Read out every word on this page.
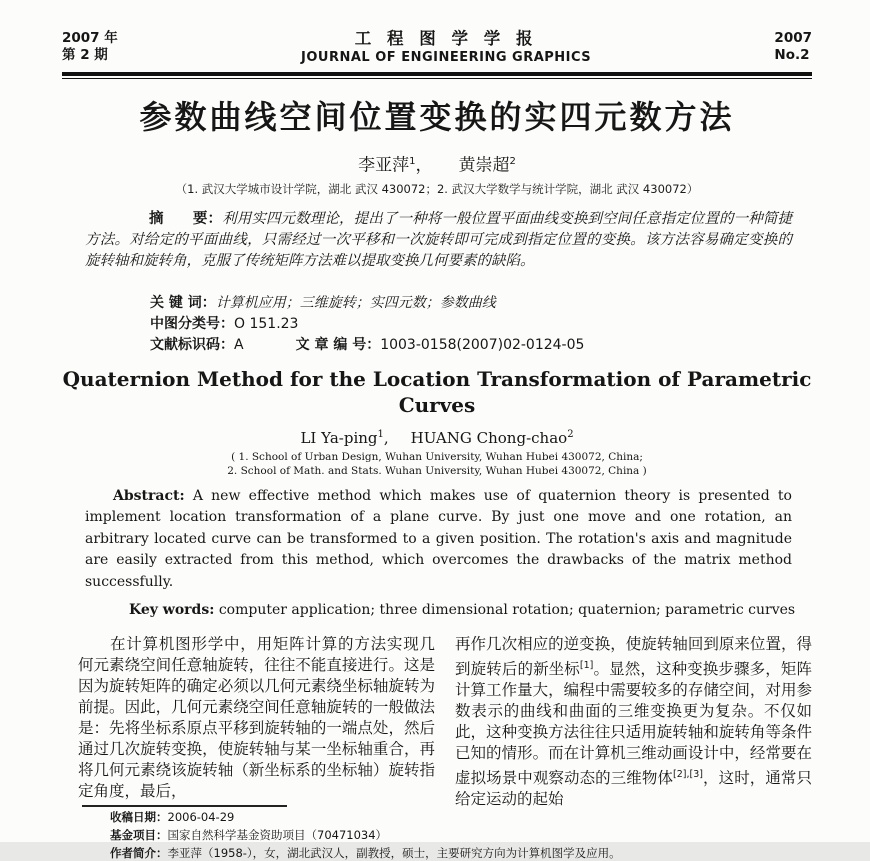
2007 年
第 2 期
工 程 图 学 学 报
JOURNAL OF ENGINEERING GRAPHICS
2007
No.2
参数曲线空间位置变换的实四元数方法
李亚萍$^1$， 黄崇超$^2$
（1. 武汉大学城市设计学院，湖北 武汉 430072；2. 武汉大学数学与统计学院，湖北 武汉 430072）

摘　　要：利用实四元数理论，提出了一种将一般位置平面曲线变换到空间任意指定位置的一种简捷方法。对给定的平面曲线，只需经过一次平移和一次旋转即可完成到指定位置的变换。该方法容易确定变换的旋转轴和旋转角，克服了传统矩阵方法难以提取变换几何要素的缺陷。

关 键 词：计算机应用；三维旋转；实四元数；参数曲线
中图分类号：O 151.23
文献标识码：A	文 章 编 号：1003-0158(2007)02-0124-05
Quaternion Method for the Location Transformation of Parametric Curves
LI Ya-ping$^1$, HUANG Chong-chao$^2$
( 1. School of Urban Design, Wuhan University, Wuhan Hubei 430072, China;
2. School of Math. and Stats. Wuhan University, Wuhan Hubei 430072, China )

Abstract: A new effective method which makes use of quaternion theory is presented to implement location transformation of a plane curve. By just one move and one rotation, an arbitrary located curve can be transformed to a given position. The rotation's axis and magnitude are easily extracted from this method, which overcomes the drawbacks of the matrix method successfully.

Key words: computer application; three dimensional rotation; quaternion; parametric curves

在计算机图形学中，用矩阵计算的方法实现几何元素绕空间任意轴旋转，往往不能直接进行。这是因为旋转矩阵的确定必须以几何元素绕坐标轴旋转为前提。因此，几何元素绕空间任意轴旋转的一般做法是：先将坐标系原点平移到旋转轴的一端点处，然后通过几次旋转变换，使旋转轴与某一坐标轴重合，再将几何元素绕该旋转轴（新坐标系的坐标轴）旋转指定角度，最后，

再作几次相应的逆变换，使旋转轴回到原来位置，得到旋转后的新坐标[1]。显然，这种变换步骤多，矩阵计算工作量大，编程中需要较多的存储空间，对用参数表示的曲线和曲面的三维变换更为复杂。不仅如此，这种变换方法往往只适用旋转轴和旋转角等条件已知的情形。而在计算机三维动画设计中，经常要在虚拟场景中观察动态的三维物体[2],[3]，这时，通常只给定运动的起始

收稿日期：2006-04-29
基金项目：国家自然科学基金资助项目（70471034）
作者简介：李亚萍（1958-），女，湖北武汉人，副教授，硕士，主要研究方向为计算机图学及应用。
